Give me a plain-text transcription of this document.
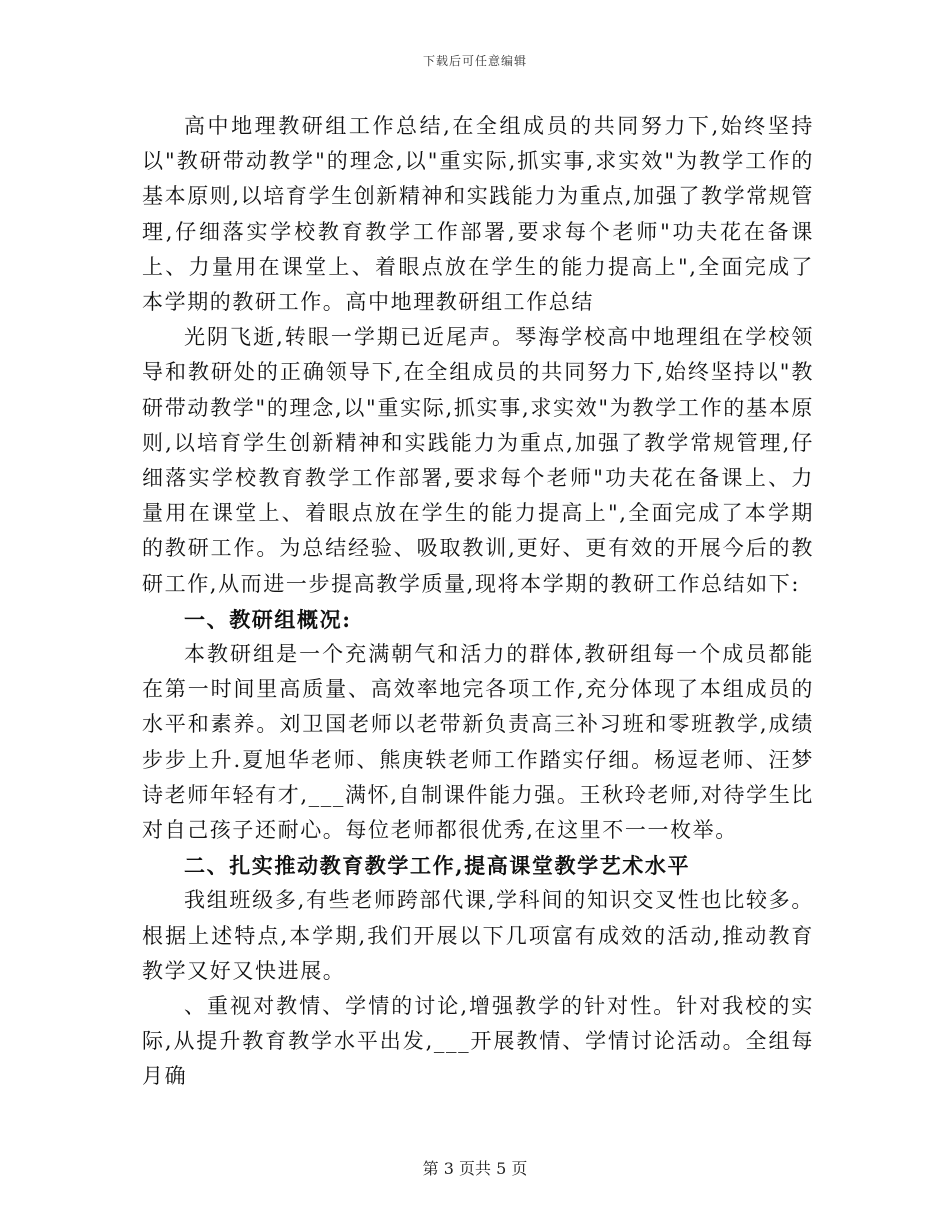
下载后可任意编辑

高中地理教研组工作总结,在全组成员的共同努力下,始终坚持以"教研带动教学"的理念,以"重实际,抓实事,求实效"为教学工作的基本原则,以培育学生创新精神和实践能力为重点,加强了教学常规管理,仔细落实学校教育教学工作部署,要求每个老师"功夫花在备课上、力量用在课堂上、着眼点放在学生的能力提高上",全面完成了本学期的教研工作。高中地理教研组工作总结

光阴飞逝,转眼一学期已近尾声。琴海学校高中地理组在学校领导和教研处的正确领导下,在全组成员的共同努力下,始终坚持以"教研带动教学"的理念,以"重实际,抓实事,求实效"为教学工作的基本原则,以培育学生创新精神和实践能力为重点,加强了教学常规管理,仔细落实学校教育教学工作部署,要求每个老师"功夫花在备课上、力量用在课堂上、着眼点放在学生的能力提高上",全面完成了本学期的教研工作。为总结经验、吸取教训,更好、更有效的开展今后的教研工作,从而进一步提高教学质量,现将本学期的教研工作总结如下:

一、教研组概况:

本教研组是一个充满朝气和活力的群体,教研组每一个成员都能在第一时间里高质量、高效率地完各项工作,充分体现了本组成员的水平和素养。刘卫国老师以老带新负责高三补习班和零班教学,成绩步步上升.夏旭华老师、熊庚轶老师工作踏实仔细。杨逗老师、汪梦诗老师年轻有才,___满怀,自制课件能力强。王秋玲老师,对待学生比对自己孩子还耐心。每位老师都很优秀,在这里不一一枚举。

二、扎实推动教育教学工作,提高课堂教学艺术水平

我组班级多,有些老师跨部代课,学科间的知识交叉性也比较多。根据上述特点,本学期,我们开展以下几项富有成效的活动,推动教育教学又好又快进展。

、重视对教情、学情的讨论,增强教学的针对性。针对我校的实际,从提升教育教学水平出发,___开展教情、学情讨论活动。全组每月确

第 3 页共 5 页
